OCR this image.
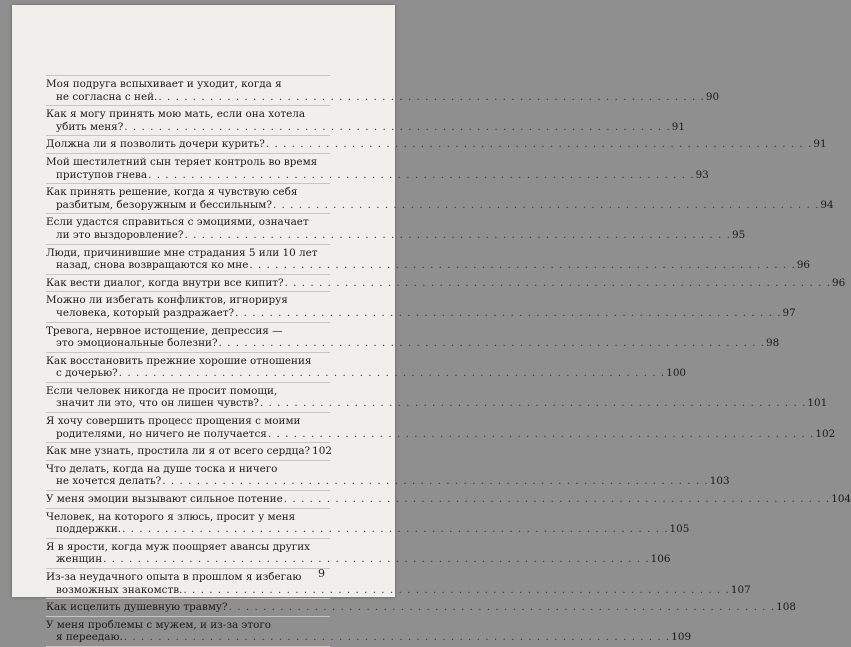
Моя подруга вспыхивает и уходит, когда я
не согласна с ней. . . . . . . . . . . . . . . . . . . . . . . . . . . . . . . . . . . . . . . . . . . . . . . . . . . . . . . . . . . . . . . . . 90
Как я могу принять мою мать, если она хотела
убить меня? . . . . . . . . . . . . . . . . . . . . . . . . . . . . . . . . . . . . . . . . . . . . . . . . . . . . . . . . . . . . . . . . 91
Должна ли я позволить дочери курить? . . . . . . . . . . . . . . . . . . . . . . . . . . . . . . . . . . . . . . . . . . . . . . . . . . . . . . . . . . . . . . . . 91
Мой шестилетний сын теряет контроль во время
приступов гнева . . . . . . . . . . . . . . . . . . . . . . . . . . . . . . . . . . . . . . . . . . . . . . . . . . . . . . . . . . . . . . . . 93
Как принять решение, когда я чувствую себя
разбитым, безоружным и бессильным? . . . . . . . . . . . . . . . . . . . . . . . . . . . . . . . . . . . . . . . . . . . . . . . . . . . . . . . . . . . . . . . . 94
Если удастся справиться с эмоциями, означает
ли это выздоровление? . . . . . . . . . . . . . . . . . . . . . . . . . . . . . . . . . . . . . . . . . . . . . . . . . . . . . . . . . . . . . . . . 95
Люди, причинившие мне страдания 5 или 10 лет
назад, снова возвращаются ко мне . . . . . . . . . . . . . . . . . . . . . . . . . . . . . . . . . . . . . . . . . . . . . . . . . . . . . . . . . . . . . . . . 96
Как вести диалог, когда внутри все кипит? . . . . . . . . . . . . . . . . . . . . . . . . . . . . . . . . . . . . . . . . . . . . . . . . . . . . . . . . . . . . . . . . 96
Можно ли избегать конфликтов, игнорируя
человека, который раздражает? . . . . . . . . . . . . . . . . . . . . . . . . . . . . . . . . . . . . . . . . . . . . . . . . . . . . . . . . . . . . . . . . 97
Тревога, нервное истощение, депрессия —
это эмоциональные болезни? . . . . . . . . . . . . . . . . . . . . . . . . . . . . . . . . . . . . . . . . . . . . . . . . . . . . . . . . . . . . . . . . 98
Как восстановить прежние хорошие отношения
с дочерью? . . . . . . . . . . . . . . . . . . . . . . . . . . . . . . . . . . . . . . . . . . . . . . . . . . . . . . . . . . . . . . . . 100
Если человек никогда не просит помощи,
значит ли это, что он лишен чувств? . . . . . . . . . . . . . . . . . . . . . . . . . . . . . . . . . . . . . . . . . . . . . . . . . . . . . . . . . . . . . . . . 101
Я хочу совершить процесс прощения с моими
родителями, но ничего не получается . . . . . . . . . . . . . . . . . . . . . . . . . . . . . . . . . . . . . . . . . . . . . . . . . . . . . . . . . . . . . . . . 102
Как мне узнать, простила ли я от всего сердца? 102
Что делать, когда на душе тоска и ничего
не хочется делать? . . . . . . . . . . . . . . . . . . . . . . . . . . . . . . . . . . . . . . . . . . . . . . . . . . . . . . . . . . . . . . . . 103
У меня эмоции вызывают сильное потение . . . . . . . . . . . . . . . . . . . . . . . . . . . . . . . . . . . . . . . . . . . . . . . . . . . . . . . . . . . . . . . . 104
Человек, на которого я злюсь, просит у меня
поддержки. . . . . . . . . . . . . . . . . . . . . . . . . . . . . . . . . . . . . . . . . . . . . . . . . . . . . . . . . . . . . . . . . 105
Я в ярости, когда муж поощряет авансы других
женщин . . . . . . . . . . . . . . . . . . . . . . . . . . . . . . . . . . . . . . . . . . . . . . . . . . . . . . . . . . . . . . . . 106
Из-за неудачного опыта в прошлом я избегаю
возможных знакомств. . . . . . . . . . . . . . . . . . . . . . . . . . . . . . . . . . . . . . . . . . . . . . . . . . . . . . . . . . . . . . . . . 107
Как исцелить душевную травму? . . . . . . . . . . . . . . . . . . . . . . . . . . . . . . . . . . . . . . . . . . . . . . . . . . . . . . . . . . . . . . . . 108
У меня проблемы с мужем, и из-за этого
я переедаю. . . . . . . . . . . . . . . . . . . . . . . . . . . . . . . . . . . . . . . . . . . . . . . . . . . . . . . . . . . . . . . . . 109
9
